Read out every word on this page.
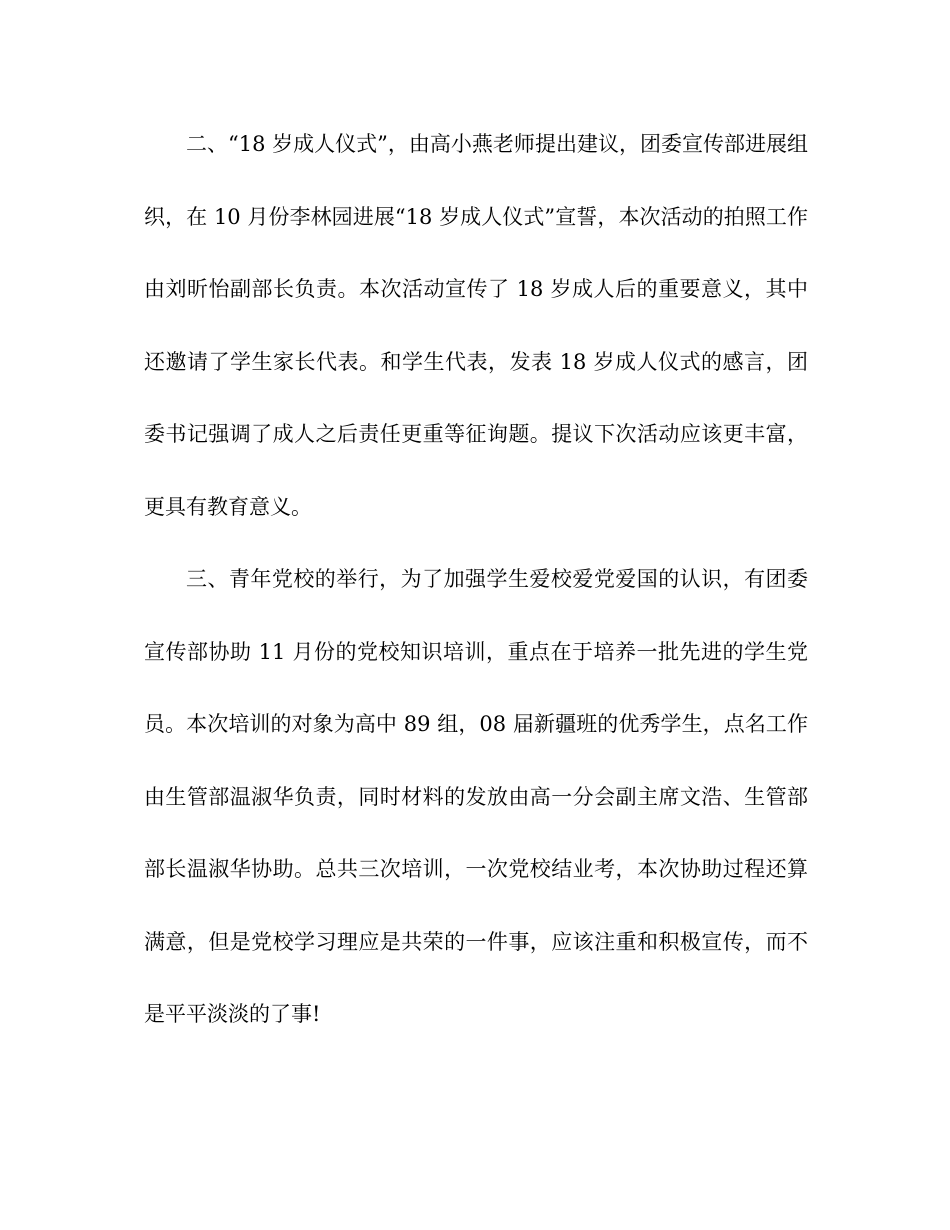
二、“18 岁成人仪式”，由高小燕老师提出建议，团委宣传部进展组织，在 10 月份李林园进展“18 岁成人仪式”宣誓，本次活动的拍照工作由刘昕怡副部长负责。本次活动宣传了 18 岁成人后的重要意义，其中还邀请了学生家长代表。和学生代表，发表 18 岁成人仪式的感言，团委书记强调了成人之后责任更重等征询题。提议下次活动应该更丰富，更具有教育意义。

三、青年党校的举行，为了加强学生爱校爱党爱国的认识，有团委宣传部协助 11 月份的党校知识培训，重点在于培养一批先进的学生党员。本次培训的对象为高中 89 组，08 届新疆班的优秀学生，点名工作由生管部温淑华负责，同时材料的发放由高一分会副主席文浩、生管部部长温淑华协助。总共三次培训，一次党校结业考，本次协助过程还算满意，但是党校学习理应是共荣的一件事，应该注重和积极宣传，而不是平平淡淡的了事!
